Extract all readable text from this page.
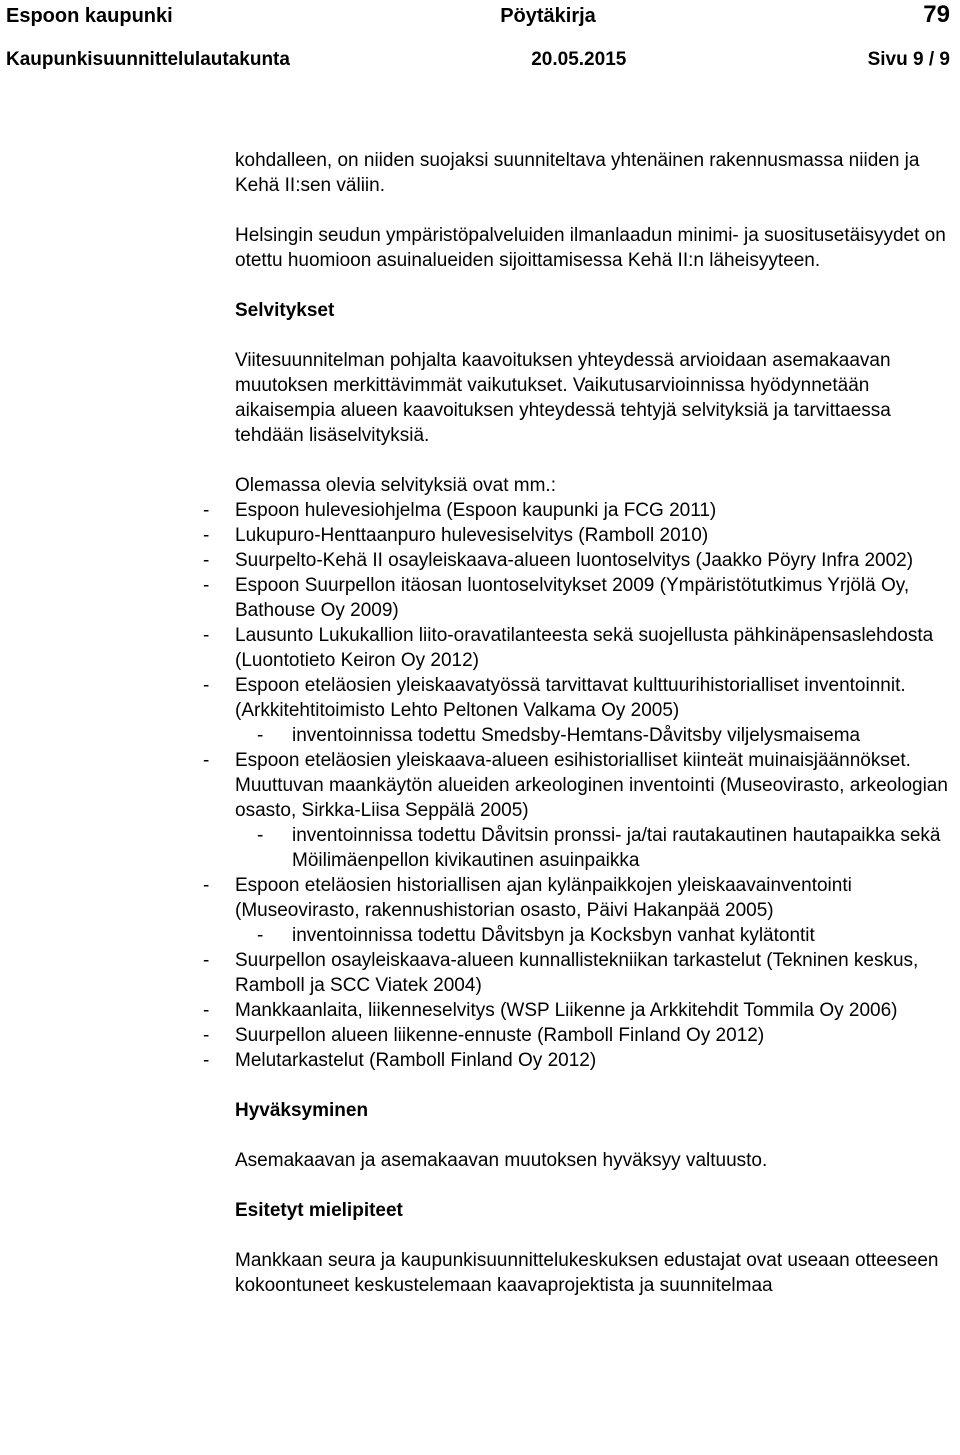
Espoon kaupunki	Pöytäkirja	79
Kaupunkisuunnittelulautakunta	20.05.2015	Sivu 9 / 9

kohdalleen, on niiden suojaksi suunniteltava yhtenäinen rakennusmassa niiden ja Kehä II:sen väliin.

Helsingin seudun ympäristöpalveluiden ilmanlaadun minimi- ja suositusetäisyydet on otettu huomioon asuinalueiden sijoittamisessa Kehä II:n läheisyyteen.

Selvitykset

Viitesuunnitelman pohjalta kaavoituksen yhteydessä arvioidaan asemakaavan muutoksen merkittävimmät vaikutukset. Vaikutusarvioinnissa hyödynnetään aikaisempia alueen kaavoituksen yhteydessä tehtyjä selvityksiä ja tarvittaessa tehdään lisäselvityksiä.

Olemassa olevia selvityksiä ovat mm.:

-	Espoon hulevesiohjelma (Espoon kaupunki ja FCG 2011)
-	Lukupuro-Henttaanpuro hulevesiselvitys (Ramboll 2010)
-	Suurpelto-Kehä II osayleiskaava-alueen luontoselvitys (Jaakko Pöyry Infra 2002)
-	Espoon Suurpellon itäosan luontoselvitykset 2009 (Ympäristötutkimus Yrjölä Oy, Bathouse Oy 2009)
-	Lausunto Lukukallion liito-oravatilanteesta sekä suojellusta pähkinäpensaslehdosta (Luontotieto Keiron Oy 2012)
-	Espoon eteläosien yleiskaavatyössä tarvittavat kulttuurihistorialliset inventoinnit. (Arkkitehtitoimisto Lehto Peltonen Valkama Oy 2005)
-	inventoinnissa todettu Smedsby-Hemtans-Dåvitsby viljelysmaisema
-	Espoon eteläosien yleiskaava-alueen esihistorialliset kiinteät muinaisjäännökset. Muuttuvan maankäytön alueiden arkeologinen inventointi (Museovirasto, arkeologian osasto, Sirkka-Liisa Seppälä 2005)
-	inventoinnissa todettu Dåvitsin pronssi- ja/tai rautakautinen hautapaikka sekä Möilimäenpellon kivikautinen asuinpaikka
-	Espoon eteläosien historiallisen ajan kylänpaikkojen yleiskaavainventointi (Museovirasto, rakennushistorian osasto, Päivi Hakanpää 2005)
-	inventoinnissa todettu Dåvitsbyn ja Kocksbyn vanhat kylätontit
-	Suurpellon osayleiskaava-alueen kunnallistekniikan tarkastelut (Tekninen keskus, Ramboll ja SCC Viatek 2004)
-	Mankkaanlaita, liikenneselvitys (WSP Liikenne ja Arkkitehdit Tommila Oy 2006)
-	Suurpellon alueen liikenne-ennuste (Ramboll Finland Oy 2012)
-	Melutarkastelut (Ramboll Finland Oy 2012)

Hyväksyminen

Asemakaavan ja asemakaavan muutoksen hyväksyy valtuusto.

Esitetyt mielipiteet

Mankkaan seura ja kaupunkisuunnittelukeskuksen edustajat ovat useaan otteeseen kokoontuneet keskustelemaan kaavaprojektista ja suunnitelmaa
